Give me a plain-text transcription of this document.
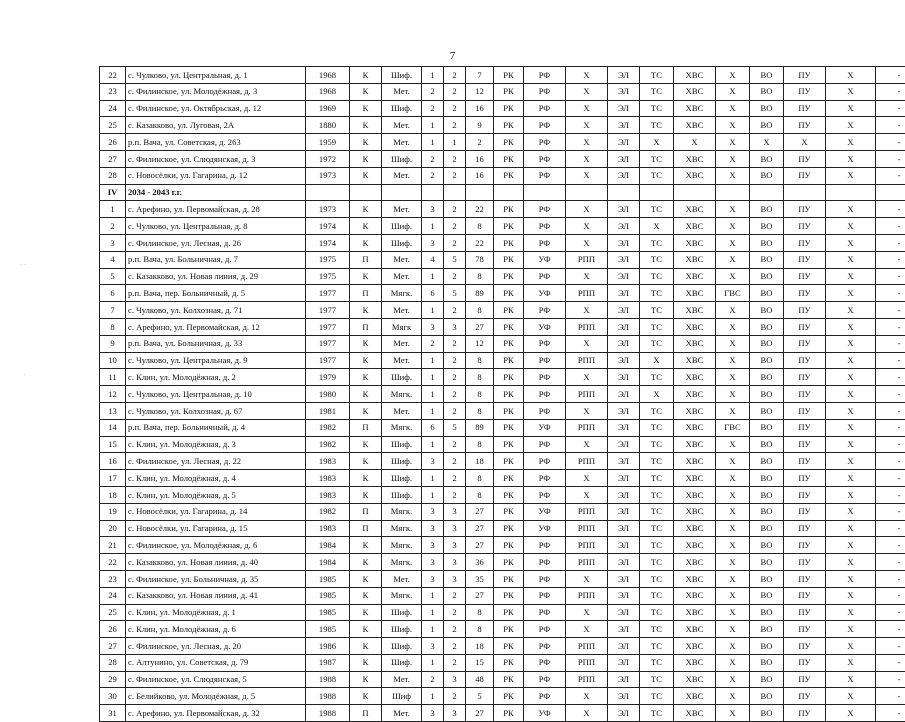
7
· ·
·
22	с. Чулково, ул. Центральная, д. 1	1968	К	Шиф.	1	2	7	РК	РФ	Х	ЭЛ	ТС	ХВС	Х	ВО	ПУ	Х	-
23	с. Филинское, ул. Молодёжная, д. 3	1968	К	Мет.	2	2	12	РК	РФ	Х	ЭЛ	ТС	ХВС	Х	ВО	ПУ	Х	-
24	с. Филинское, ул. Октябрьская, д. 12	1969	К	Шиф.	2	2	16	РК	РФ	Х	ЭЛ	ТС	ХВС	Х	ВО	ПУ	Х	-
25	с. Казакково, ул. Луговая, 2А	1880	К	Мет.	1	2	9	РК	РФ	Х	ЭЛ	ТС	ХВС	Х	ВО	ПУ	Х	-
26	р.п. Вача, ул. Советская, д. 263	1959	К	Мет.	1	1	2	РК	РФ	Х	ЭЛ	Х	Х	Х	Х	Х	Х	-
27	с. Филинское, ул. Слюдянская, д. 3	1972	К	Шиф.	2	2	16	РК	РФ	Х	ЭЛ	ТС	ХВС	Х	ВО	ПУ	Х	-
28	с. Новосёлки, ул. Гагарина, д. 12	1973	К	Мет.	2	2	16	РК	РФ	Х	ЭЛ	ТС	ХВС	Х	ВО	ПУ	Х	-
IV	2034 - 2043 г.г.																	
1	с. Арефино, ул. Первомайская, д. 28	1973	К	Мет.	3	2	22	РК	РФ	Х	ЭЛ	ТС	ХВС	Х	ВО	ПУ	Х	-
2	с. Чулково, ул. Центральная, д. 8	1974	К	Шиф.	1	2	8	РК	РФ	Х	ЭЛ	Х	ХВС	Х	ВО	ПУ	Х	-
3	с. Филинское, ул. Лесная, д. 26	1974	К	Шиф.	3	2	22	РК	РФ	Х	ЭЛ	ТС	ХВС	Х	ВО	ПУ	Х	-
4	р.п. Вача, ул. Больничная, д. 7	1975	П	Мет.	4	5	78	РК	УФ	РПП	ЭЛ	ТС	ХВС	Х	ВО	ПУ	Х	-
5	с. Казакково, ул. Новая линия, д. 29	1975	К	Мет.	1	2	8	РК	РФ	Х	ЭЛ	ТС	ХВС	Х	ВО	ПУ	Х	-
6	р.п. Вача, пер. Больничный, д. 5	1977	П	Мягк.	6	5	89	РК	УФ	РПП	ЭЛ	ТС	ХВС	ГВС	ВО	ПУ	Х	-
7	с. Чулково, ул. Колхозная, д. 71	1977	К	Мет.	1	2	8	РК	РФ	Х	ЭЛ	ТС	ХВС	Х	ВО	ПУ	Х	-
8	с. Арефино, ул. Первомайская, д. 12	1977	П	Мягк	3	3	27	РК	УФ	РПП	ЭЛ	ТС	ХВС	Х	ВО	ПУ	Х	-
9	р.п. Вача, ул. Больничная, д. 33	1977	К	Мет.	2	2	12	РК	РФ	Х	ЭЛ	ТС	ХВС	Х	ВО	ПУ	Х	-
10	с. Чулково, ул. Центральная, д. 9	1977	К	Мет.	1	2	8	РК	РФ	РПП	ЭЛ	Х	ХВС	Х	ВО	ПУ	Х	-
11	с. Клин, ул. Молодёжная, д. 2	1979	К	Шиф.	1	2	8	РК	РФ	Х	ЭЛ	ТС	ХВС	Х	ВО	ПУ	Х	-
12	с. Чулково, ул. Центральная, д. 10	1980	К	Мягк.	1	2	8	РК	РФ	РПП	ЭЛ	Х	ХВС	Х	ВО	ПУ	Х	-
13	с. Чулково, ул. Колхозная, д. 67	1981	К	Мет.	1	2	8	РК	РФ	Х	ЭЛ	ТС	ХВС	Х	ВО	ПУ	Х	-
14	р.п. Вача, пер. Больничный, д. 4	1982	П	Мягк.	6	5	89	РК	УФ	РПП	ЭЛ	ТС	ХВС	ГВС	ВО	ПУ	Х	-
15	с. Клин, ул. Молодёжная, д. 3	1982	К	Шиф.	1	2	8	РК	РФ	Х	ЭЛ	ТС	ХВС	Х	ВО	ПУ	Х	-
16	с. Филинское, ул. Лесная, д. 22	1983	К	Шиф.	3	2	18	РК	РФ	РПП	ЭЛ	ТС	ХВС	Х	ВО	ПУ	Х	-
17	с. Клин, ул. Молодёжная, д. 4	1983	К	Шиф.	1	2	8	РК	РФ	Х	ЭЛ	ТС	ХВС	Х	ВО	ПУ	Х	-
18	с. Клин, ул. Молодёжная, д. 5	1983	К	Шиф.	1	2	8	РК	РФ	Х	ЭЛ	ТС	ХВС	Х	ВО	ПУ	Х	-
19	с. Новосёлки, ул. Гагарина, д. 14	1982	П	Мягк.	3	3	27	РК	УФ	РПП	ЭЛ	ТС	ХВС	Х	ВО	ПУ	Х	-
20	с. Новосёлки, ул. Гагарина, д. 15	1983	П	Мягк.	3	3	27	РК	УФ	РПП	ЭЛ	ТС	ХВС	Х	ВО	ПУ	Х	-
21	с. Филинское, ул. Молодёжная, д. 6	1984	К	Мягк.	3	3	27	РК	РФ	РПП	ЭЛ	ТС	ХВС	Х	ВО	ПУ	Х	-
22	с. Казакково, ул. Новая линия, д. 40	1984	К	Мягк.	3	3	36	РК	РФ	РПП	ЭЛ	ТС	ХВС	Х	ВО	ПУ	Х	-
23	с. Филинское, ул. Больничная, д. 35	1985	К	Мет.	3	3	35	РК	РФ	Х	ЭЛ	ТС	ХВС	Х	ВО	ПУ	Х	-
24	с. Казакково, ул. Новая линия, д. 41	1985	К	Мягк.	1	2	27	РК	РФ	РПП	ЭЛ	ТС	ХВС	Х	ВО	ПУ	Х	-
25	с. Клин, ул. Молодёжная, д. 1	1985	К	Шиф.	1	2	8	РК	РФ	Х	ЭЛ	ТС	ХВС	Х	ВО	ПУ	Х	-
26	с. Клин, ул. Молодёжная, д. 6	1985	К	Шиф.	1	2	8	РК	РФ	Х	ЭЛ	ТС	ХВС	Х	ВО	ПУ	Х	-
27	с. Филинское, ул. Лесная, д. 20	1986	К	Шиф.	3	2	18	РК	РФ	РПП	ЭЛ	ТС	ХВС	Х	ВО	ПУ	Х	-
28	с. Алтунино, ул. Советская, д. 79	1987	К	Шиф.	1	2	15	РК	РФ	РПП	ЭЛ	ТС	ХВС	Х	ВО	ПУ	Х	-
29	с. Филинское, ул. Слюдянская, 5	1988	К	Мет.	2	3	48	РК	РФ	РПП	ЭЛ	ТС	ХВС	Х	ВО	ПУ	Х	-
30	с. Белийково, ул. Молодёжная, д. 5	1988	К	Шиф	1	2	5	РК	РФ	Х	ЭЛ	ТС	ХВС	Х	ВО	ПУ	Х	-
31	с. Арефино, ул. Первомайская, д. 32	1988	П	Мет.	3	3	27	РК	УФ	Х	ЭЛ	ТС	ХВС	Х	ВО	ПУ	Х	-
